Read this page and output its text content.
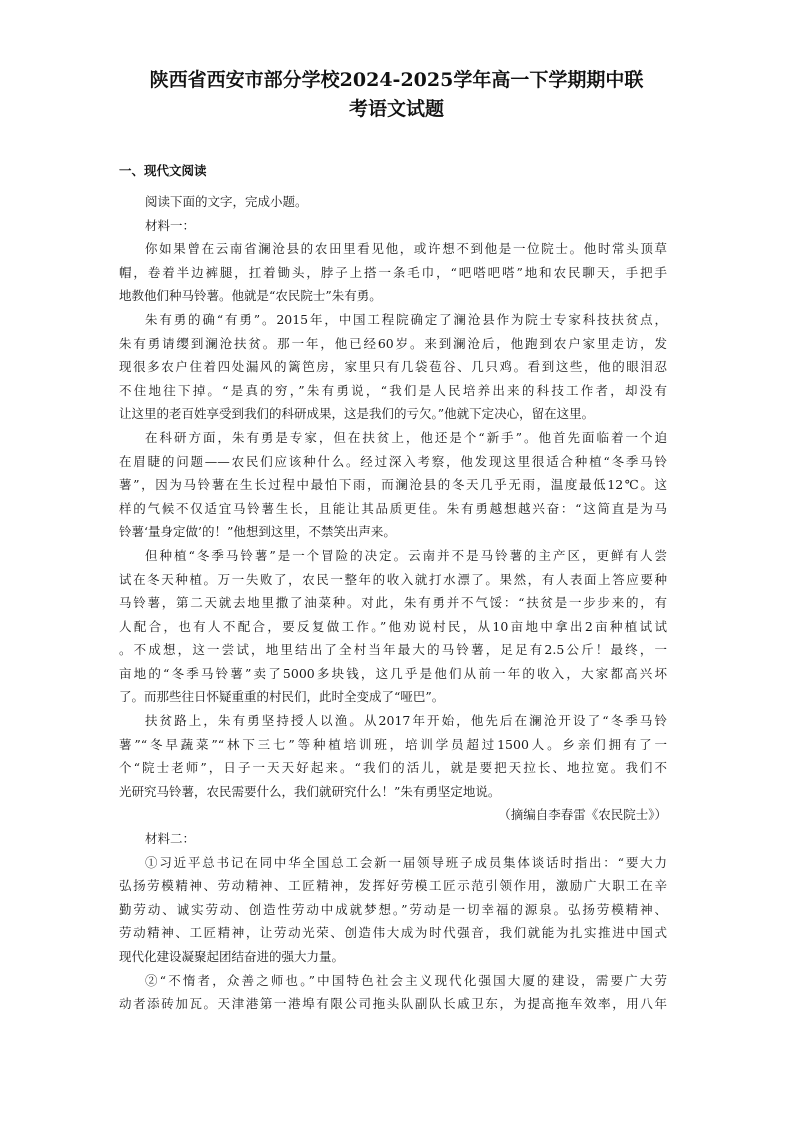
陕西省西安市部分学校2024-2025学年高一下学期期中联
考语文试题
一、现代文阅读
阅读下面的文字，完成小题。
材料一：
你如果曾在云南省澜沧县的农田里看见他，或许想不到他是一位院士。他时常头顶草
帽，卷着半边裤腿，扛着锄头，脖子上搭一条毛巾，“吧嗒吧嗒”地和农民聊天，手把手
地教他们种马铃薯。他就是“农民院士”朱有勇。
朱有勇的确“有勇”。2015年，中国工程院确定了澜沧县作为院士专家科技扶贫点，
朱有勇请缨到澜沧扶贫。那一年，他已经60岁。来到澜沧后，他跑到农户家里走访，发
现很多农户住着四处漏风的篱笆房，家里只有几袋苞谷、几只鸡。看到这些，他的眼泪忍
不住地往下掉。“是真的穷，”朱有勇说，“我们是人民培养出来的科技工作者，却没有
让这里的老百姓享受到我们的科研成果，这是我们的亏欠。”他就下定决心，留在这里。
在科研方面，朱有勇是专家，但在扶贫上，他还是个“新手”。他首先面临着一个迫
在眉睫的问题——农民们应该种什么。经过深入考察，他发现这里很适合种植“冬季马铃
薯”，因为马铃薯在生长过程中最怕下雨，而澜沧县的冬天几乎无雨，温度最低12℃。这
样的气候不仅适宜马铃薯生长，且能让其品质更佳。朱有勇越想越兴奋：“这简直是为马
铃薯‘量身定做’的！”他想到这里，不禁笑出声来。
但种植“冬季马铃薯”是一个冒险的决定。云南并不是马铃薯的主产区，更鲜有人尝
试在冬天种植。万一失败了，农民一整年的收入就打水漂了。果然，有人表面上答应要种
马铃薯，第二天就去地里撒了油菜种。对此，朱有勇并不气馁：“扶贫是一步步来的，有
人配合，也有人不配合，要反复做工作。”他劝说村民，从10亩地中拿出2亩种植试试
。不成想，这一尝试，地里结出了全村当年最大的马铃薯，足足有2.5公斤！最终，一
亩地的“冬季马铃薯”卖了5000多块钱，这几乎是他们从前一年的收入，大家都高兴坏
了。而那些往日怀疑重重的村民们，此时全变成了“哑巴”。
扶贫路上，朱有勇坚持授人以渔。从2017年开始，他先后在澜沧开设了“冬季马铃
薯”“冬早蔬菜”“林下三七”等种植培训班，培训学员超过1500人。乡亲们拥有了一
个“院士老师”，日子一天天好起来。“我们的活儿，就是要把天拉长、地拉宽。我们不
光研究马铃薯，农民需要什么，我们就研究什么！”朱有勇坚定地说。
（摘编自李春雷《农民院士》）
材料二：
①习近平总书记在同中华全国总工会新一届领导班子成员集体谈话时指出：“要大力
弘扬劳模精神、劳动精神、工匠精神，发挥好劳模工匠示范引领作用，激励广大职工在辛
勤劳动、诚实劳动、创造性劳动中成就梦想。”劳动是一切幸福的源泉。弘扬劳模精神、
劳动精神、工匠精神，让劳动光荣、创造伟大成为时代强音，我们就能为扎实推进中国式
现代化建设凝聚起团结奋进的强大力量。
②“不惰者，众善之师也。”中国特色社会主义现代化强国大厦的建设，需要广大劳
动者添砖加瓦。天津港第一港埠有限公司拖头队副队长戚卫东，为提高拖车效率，用八年
